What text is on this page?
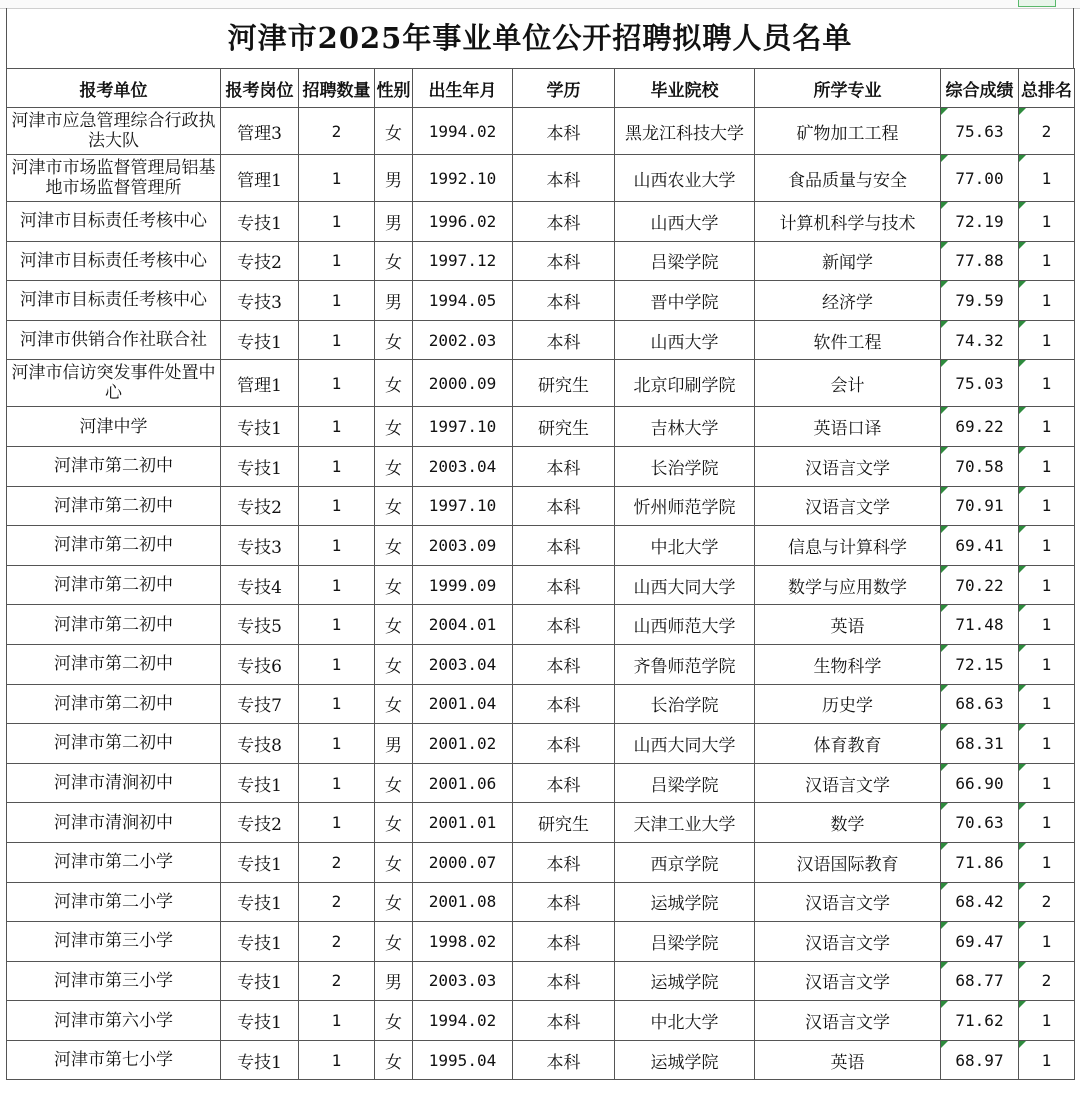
河津市2025年事业单位公开招聘拟聘人员名单
报考单位	报考岗位	招聘数量	性别	出生年月	学历	毕业院校	所学专业	综合成绩	总排名
河津市应急管理综合行政执法大队	管理3	2	女	1994.02	本科	黑龙江科技大学	矿物加工工程	75.63	2
河津市市场监督管理局铝基地市场监督管理所	管理1	1	男	1992.10	本科	山西农业大学	食品质量与安全	77.00	1
河津市目标责任考核中心	专技1	1	男	1996.02	本科	山西大学	计算机科学与技术	72.19	1
河津市目标责任考核中心	专技2	1	女	1997.12	本科	吕梁学院	新闻学	77.88	1
河津市目标责任考核中心	专技3	1	男	1994.05	本科	晋中学院	经济学	79.59	1
河津市供销合作社联合社	专技1	1	女	2002.03	本科	山西大学	软件工程	74.32	1
河津市信访突发事件处置中心	管理1	1	女	2000.09	研究生	北京印刷学院	会计	75.03	1
河津中学	专技1	1	女	1997.10	研究生	吉林大学	英语口译	69.22	1
河津市第二初中	专技1	1	女	2003.04	本科	长治学院	汉语言文学	70.58	1
河津市第二初中	专技2	1	女	1997.10	本科	忻州师范学院	汉语言文学	70.91	1
河津市第二初中	专技3	1	女	2003.09	本科	中北大学	信息与计算科学	69.41	1
河津市第二初中	专技4	1	女	1999.09	本科	山西大同大学	数学与应用数学	70.22	1
河津市第二初中	专技5	1	女	2004.01	本科	山西师范大学	英语	71.48	1
河津市第二初中	专技6	1	女	2003.04	本科	齐鲁师范学院	生物科学	72.15	1
河津市第二初中	专技7	1	女	2001.04	本科	长治学院	历史学	68.63	1
河津市第二初中	专技8	1	男	2001.02	本科	山西大同大学	体育教育	68.31	1
河津市清涧初中	专技1	1	女	2001.06	本科	吕梁学院	汉语言文学	66.90	1
河津市清涧初中	专技2	1	女	2001.01	研究生	天津工业大学	数学	70.63	1
河津市第二小学	专技1	2	女	2000.07	本科	西京学院	汉语国际教育	71.86	1
河津市第二小学	专技1	2	女	2001.08	本科	运城学院	汉语言文学	68.42	2
河津市第三小学	专技1	2	女	1998.02	本科	吕梁学院	汉语言文学	69.47	1
河津市第三小学	专技1	2	男	2003.03	本科	运城学院	汉语言文学	68.77	2
河津市第六小学	专技1	1	女	1994.02	本科	中北大学	汉语言文学	71.62	1
河津市第七小学	专技1	1	女	1995.04	本科	运城学院	英语	68.97	1
